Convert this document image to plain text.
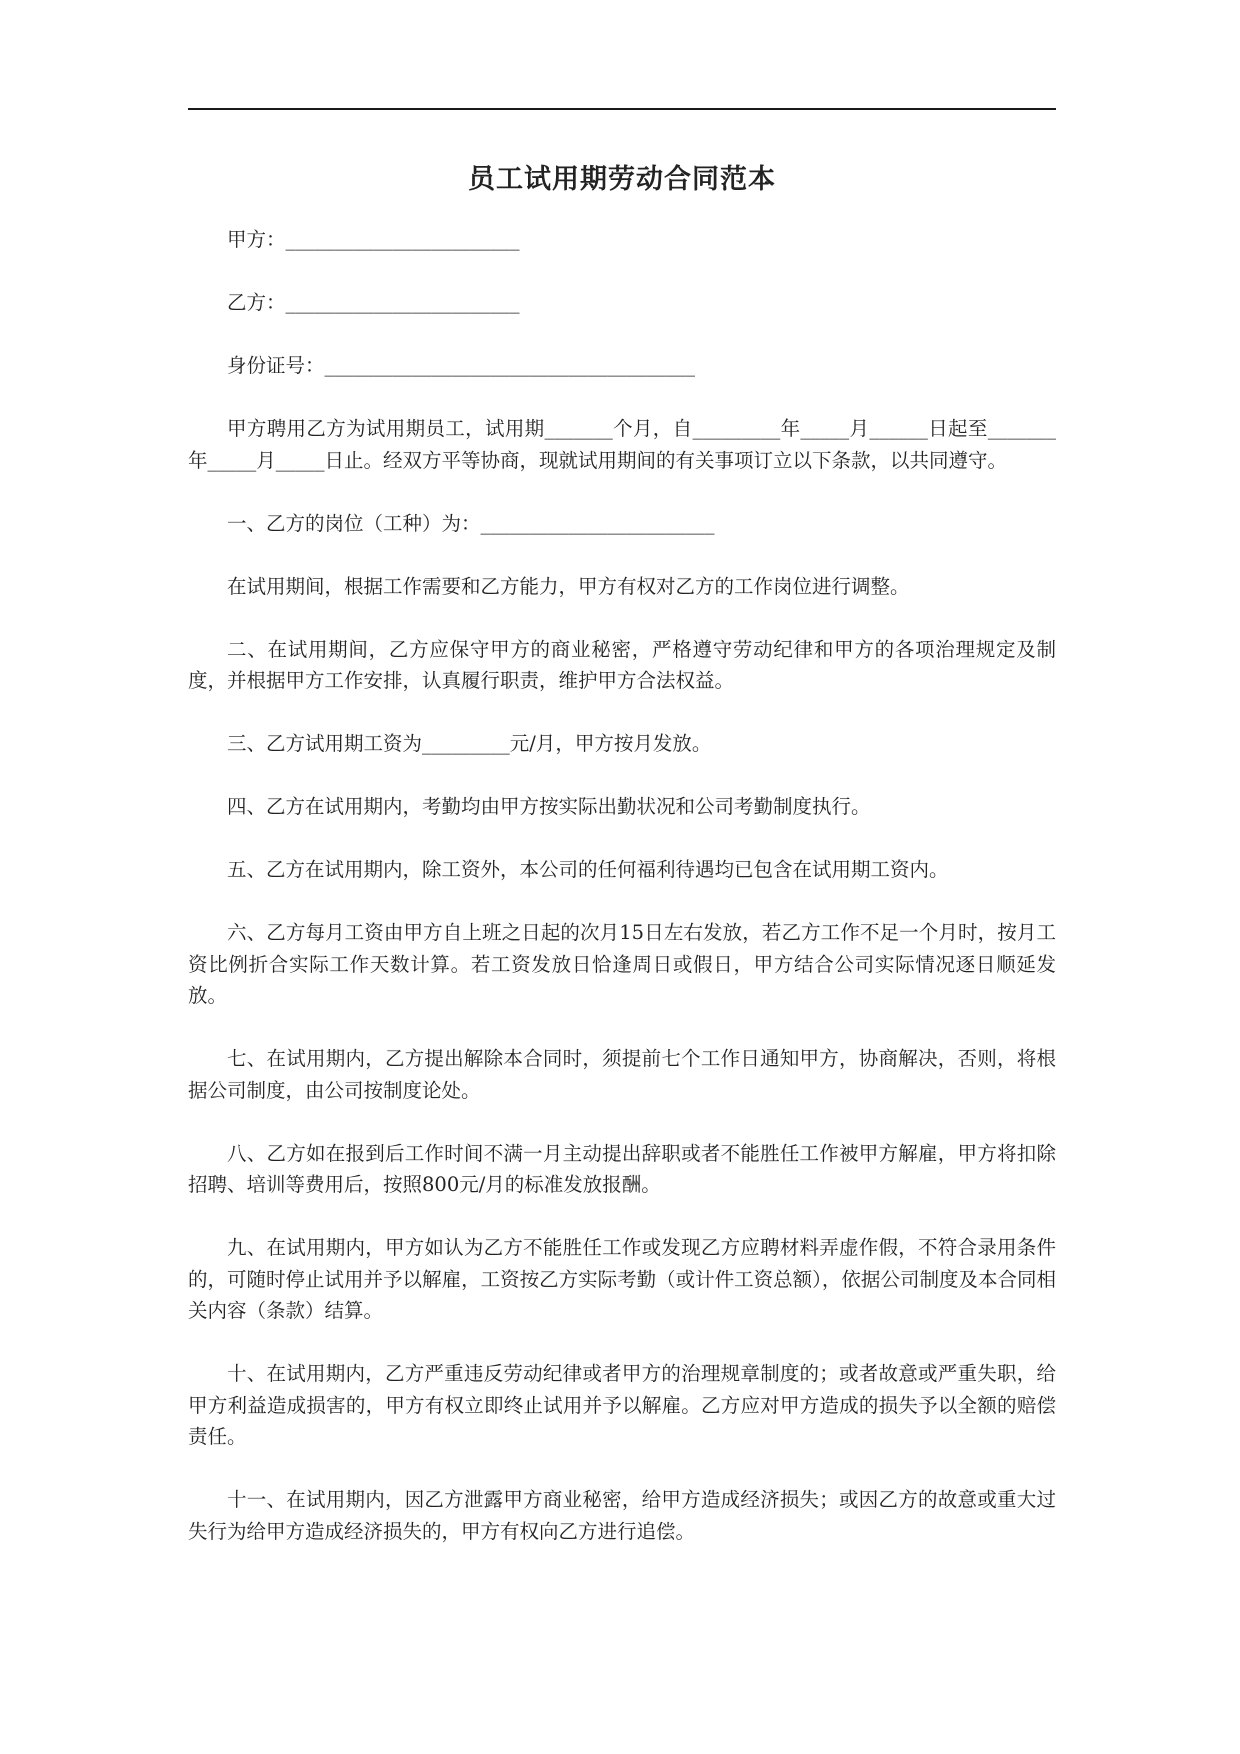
员工试用期劳动合同范本
甲方：________________________
乙方：________________________
身份证号：______________________________________

甲方聘用乙方为试用期员工，试用期_______个月，自_________年_____月______日起至_______年_____月_____日止。经双方平等协商，现就试用期间的有关事项订立以下条款，以共同遵守。

一、乙方的岗位（工种）为：________________________

在试用期间，根据工作需要和乙方能力，甲方有权对乙方的工作岗位进行调整。

二、在试用期间，乙方应保守甲方的商业秘密，严格遵守劳动纪律和甲方的各项治理规定及制度，并根据甲方工作安排，认真履行职责，维护甲方合法权益。

三、乙方试用期工资为_________元/月，甲方按月发放。

四、乙方在试用期内，考勤均由甲方按实际出勤状况和公司考勤制度执行。

五、乙方在试用期内，除工资外，本公司的任何福利待遇均已包含在试用期工资内。

六、乙方每月工资由甲方自上班之日起的次月15日左右发放，若乙方工作不足一个月时，按月工资比例折合实际工作天数计算。若工资发放日恰逢周日或假日，甲方结合公司实际情况逐日顺延发放。

七、在试用期内，乙方提出解除本合同时，须提前七个工作日通知甲方，协商解决，否则，将根据公司制度，由公司按制度论处。

八、乙方如在报到后工作时间不满一月主动提出辞职或者不能胜任工作被甲方解雇，甲方将扣除招聘、培训等费用后，按照800元/月的标准发放报酬。

九、在试用期内，甲方如认为乙方不能胜任工作或发现乙方应聘材料弄虚作假，不符合录用条件的，可随时停止试用并予以解雇，工资按乙方实际考勤（或计件工资总额），依据公司制度及本合同相关内容（条款）结算。

十、在试用期内，乙方严重违反劳动纪律或者甲方的治理规章制度的；或者故意或严重失职，给甲方利益造成损害的，甲方有权立即终止试用并予以解雇。乙方应对甲方造成的损失予以全额的赔偿责任。

十一、在试用期内，因乙方泄露甲方商业秘密，给甲方造成经济损失；或因乙方的故意或重大过失行为给甲方造成经济损失的，甲方有权向乙方进行追偿。
